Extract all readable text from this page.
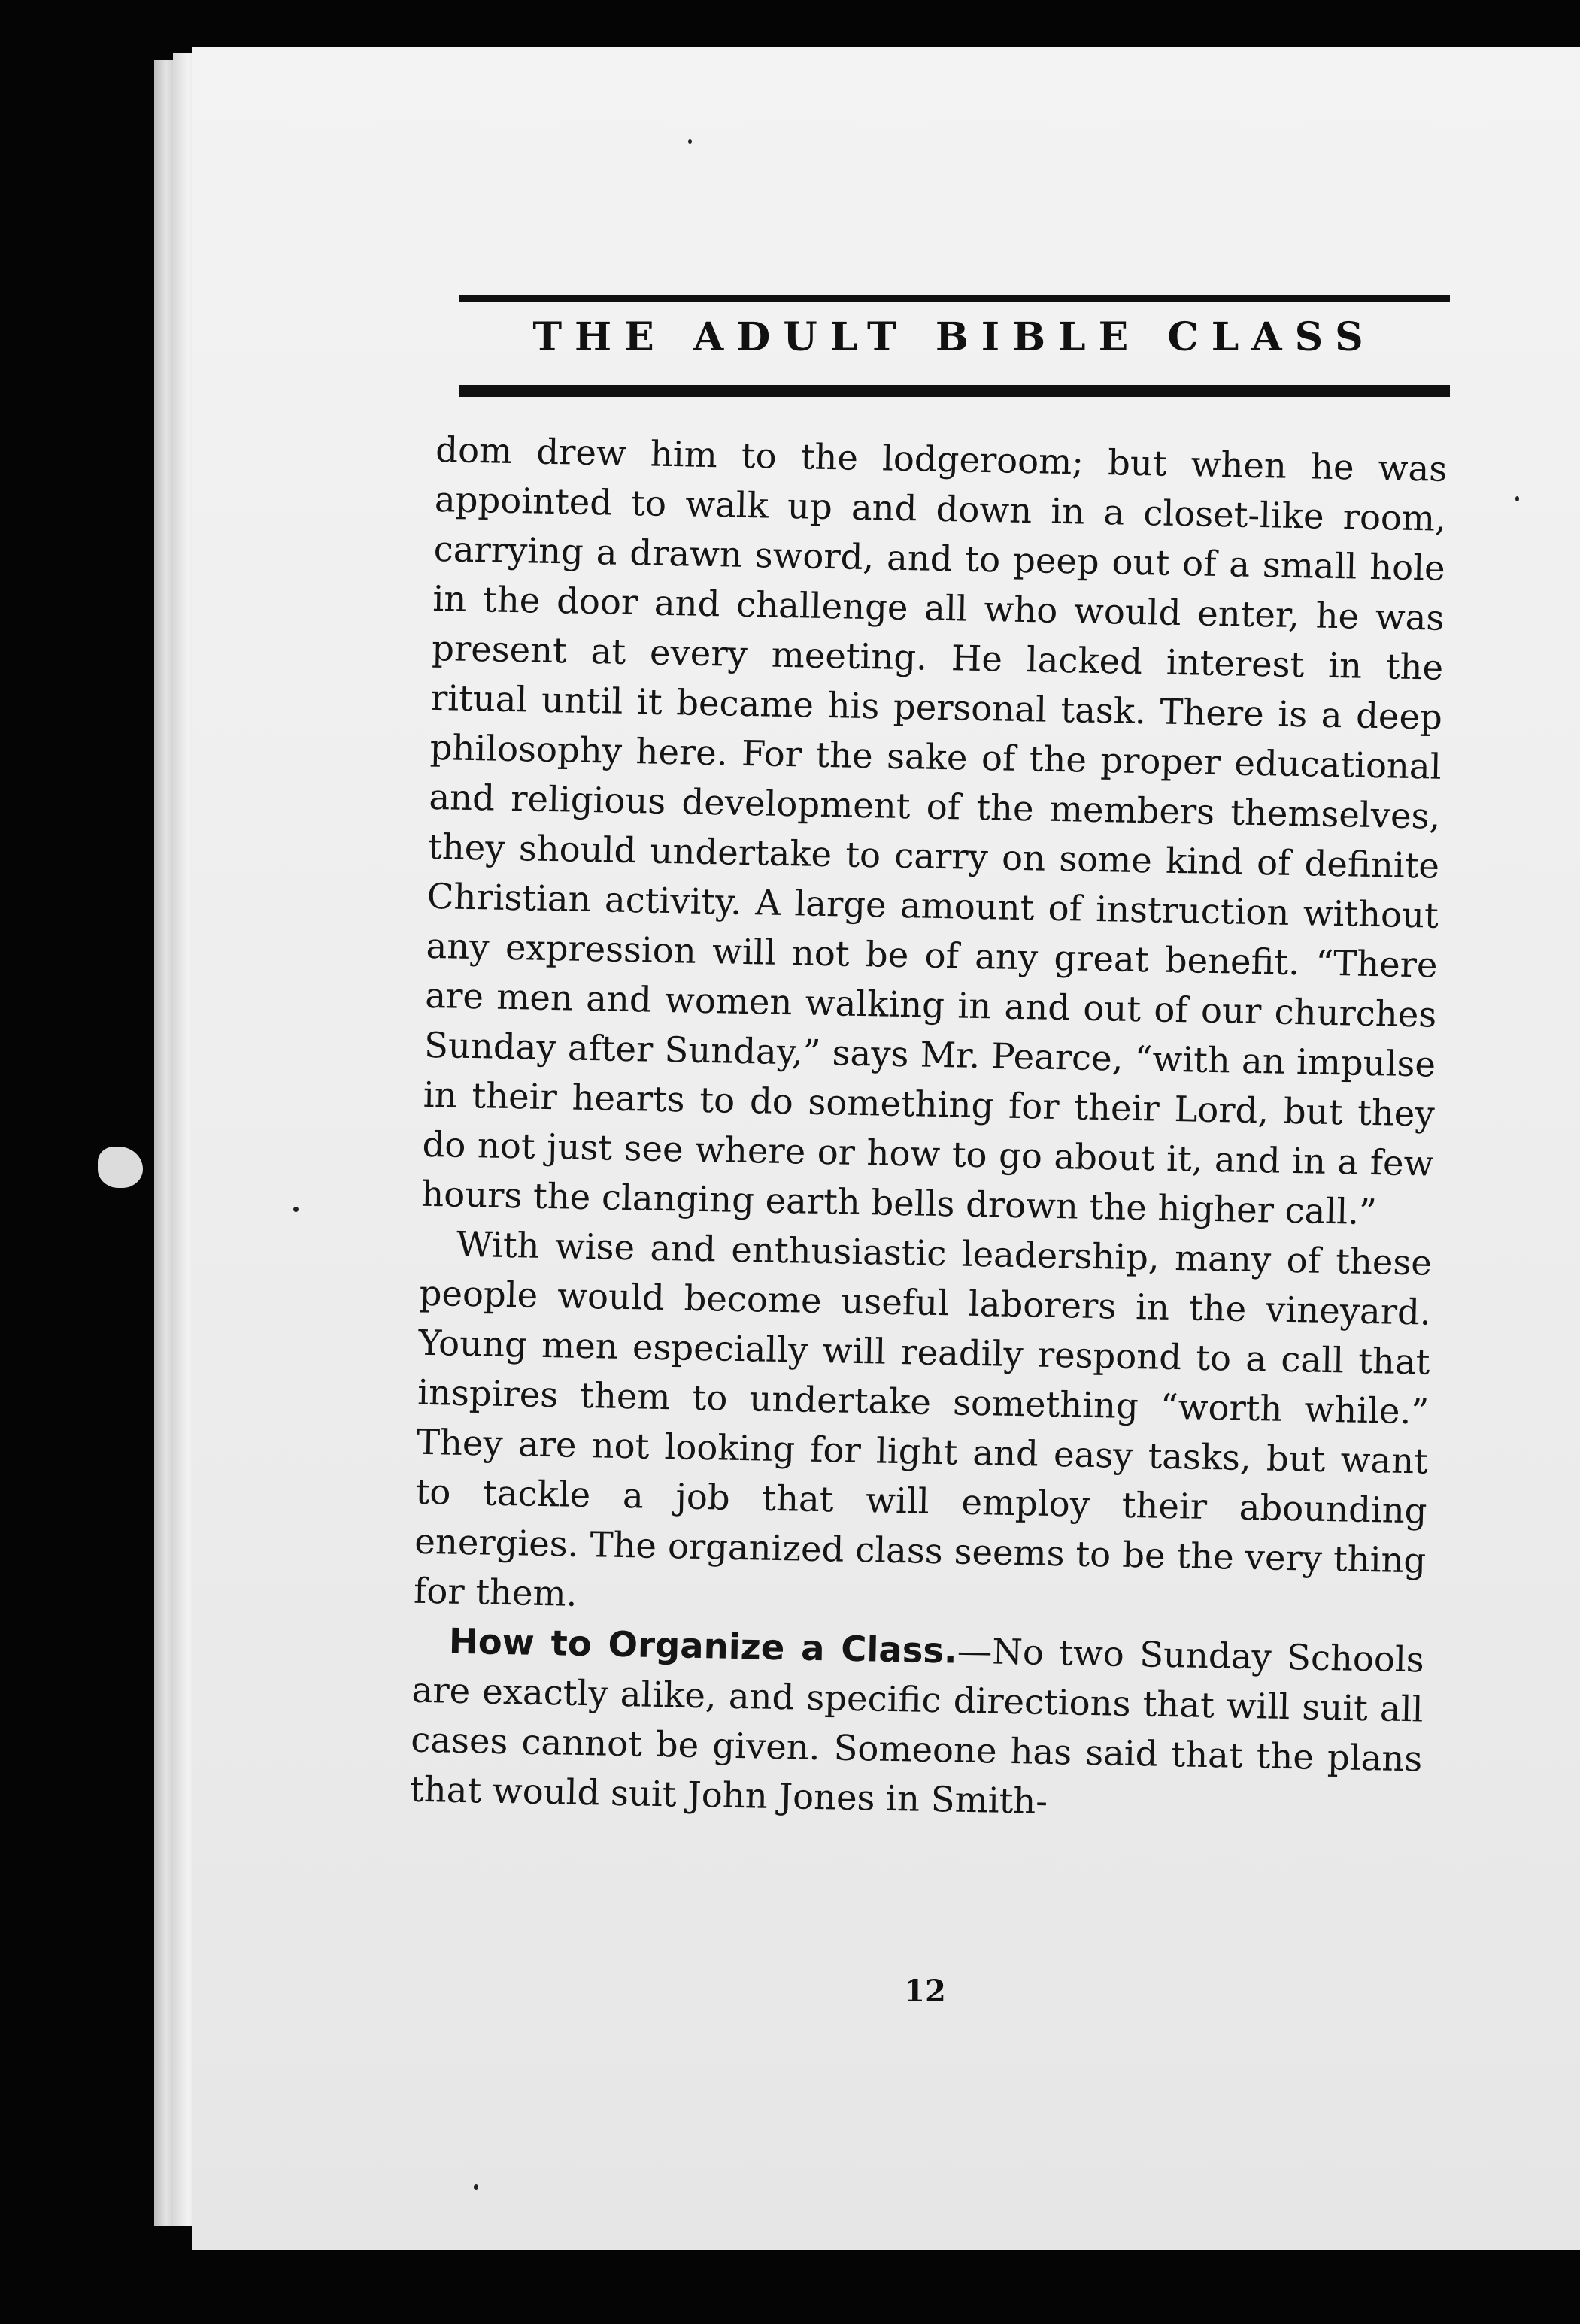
THE ADULT BIBLE CLASS

dom drew him to the lodgeroom; but when he was appointed to walk up and down in a closet-like room, carrying a drawn sword, and to peep out of a small hole in the door and challenge all who would enter, he was present at every meeting. He lacked interest in the ritual until it became his personal task. There is a deep philosophy here. For the sake of the proper educational and religious development of the members themselves, they should undertake to carry on some kind of definite Christian activity. A large amount of instruction without any expression will not be of any great benefit. “There are men and women walking in and out of our churches Sunday after Sunday,” says Mr. Pearce, “with an impulse in their hearts to do something for their Lord, but they do not just see where or how to go about it, and in a few hours the clanging earth bells drown the higher call.”

With wise and enthusiastic leadership, many of these people would become useful laborers in the vineyard. Young men especially will readily respond to a call that inspires them to undertake something “worth while.” They are not looking for light and easy tasks, but want to tackle a job that will employ their abounding energies. The organized class seems to be the very thing for them.

How to Organize a Class.—No two Sunday Schools are exactly alike, and specific directions that will suit all cases cannot be given. Someone has said that the plans that would suit John Jones in Smith-

12
